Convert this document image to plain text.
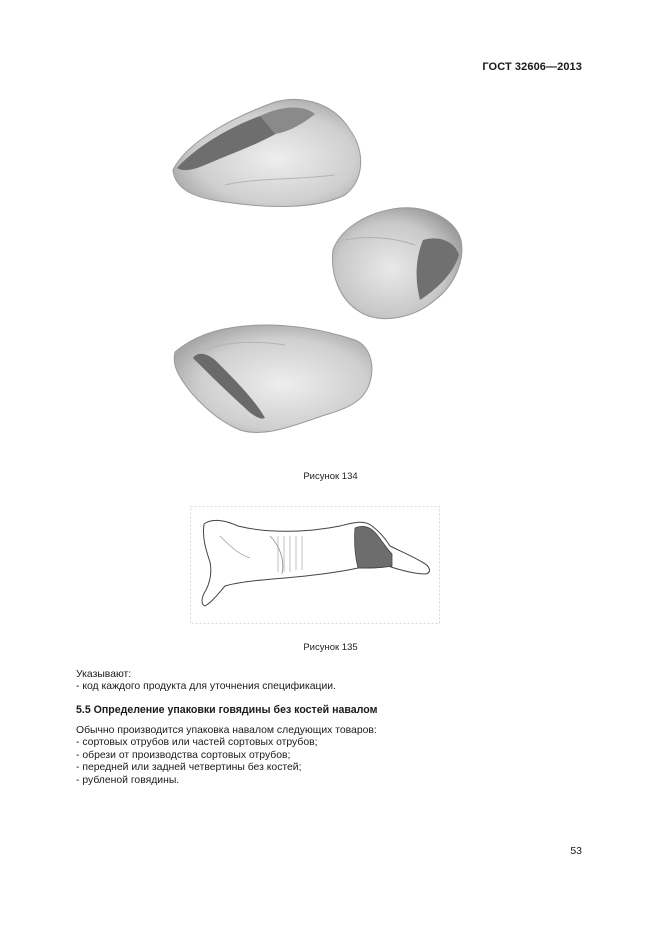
ГОСТ 32606—2013
Рисунок 134
Рисунок 135
Указывают:
- код каждого продукта для уточнения спецификации.
5.5 Определение упаковки говядины без костей навалом
Обычно производится упаковка навалом следующих товаров:
- сортовых отрубов или частей сортовых отрубов;
- обрези от производства сортовых отрубов;
- передней или задней четвертины без костей;
- рубленой говядины.
53
